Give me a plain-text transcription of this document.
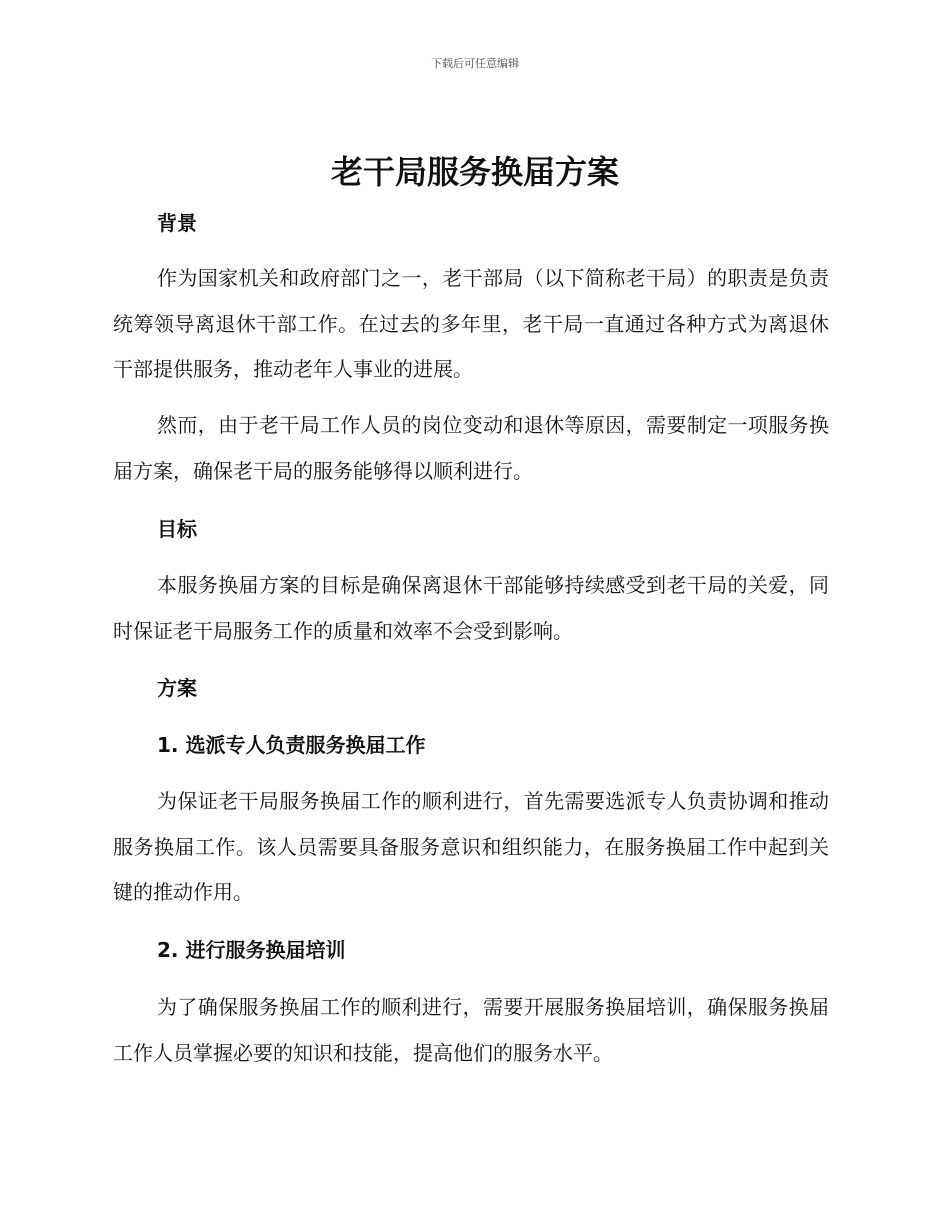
下载后可任意编辑
老干局服务换届方案
背景

作为国家机关和政府部门之一，老干部局（以下简称老干局）的职责是负责统筹领导离退休干部工作。在过去的多年里，老干局一直通过各种方式为离退休干部提供服务，推动老年人事业的进展。

然而，由于老干局工作人员的岗位变动和退休等原因，需要制定一项服务换届方案，确保老干局的服务能够得以顺利进行。

目标

本服务换届方案的目标是确保离退休干部能够持续感受到老干局的关爱，同时保证老干局服务工作的质量和效率不会受到影响。

方案
1. 选派专人负责服务换届工作

为保证老干局服务换届工作的顺利进行，首先需要选派专人负责协调和推动服务换届工作。该人员需要具备服务意识和组织能力，在服务换届工作中起到关键的推动作用。

2. 进行服务换届培训

为了确保服务换届工作的顺利进行，需要开展服务换届培训，确保服务换届工作人员掌握必要的知识和技能，提高他们的服务水平。
